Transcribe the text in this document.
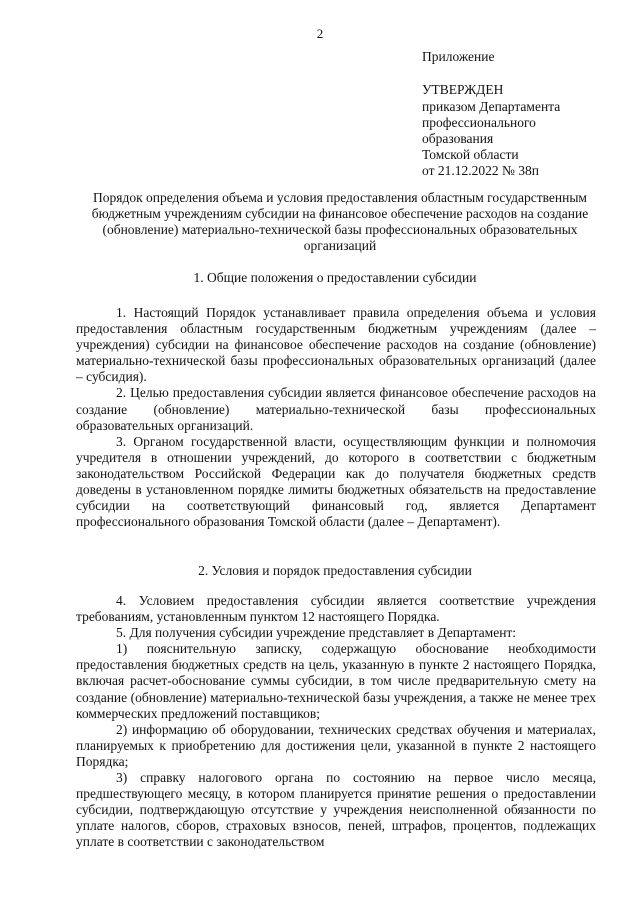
2
Приложение
УТВЕРЖДЕН
приказом Департамента
профессионального
образования
Томской области
от 21.12.2022 № 38п
Порядок определения объема и условия предоставления областным государственным бюджетным учреждениям субсидии на финансовое обеспечение расходов на создание (обновление) материально-технической базы профессиональных образовательных организаций
1. Общие положения о предоставлении субсидии

1. Настоящий Порядок устанавливает правила определения объема и условия предоставления областным государственным бюджетным учреждениям (далее – учреждения) субсидии на финансовое обеспечение расходов на создание (обновление) материально-технической базы профессиональных образовательных организаций (далее – субсидия).

2. Целью предоставления субсидии является финансовое обеспечение расходов на создание (обновление) материально-технической базы профессиональных образовательных организаций.

3. Органом государственной власти, осуществляющим функции и полномочия учредителя в отношении учреждений, до которого в соответствии с бюджетным законодательством Российской Федерации как до получателя бюджетных средств доведены в установленном порядке лимиты бюджетных обязательств на предоставление субсидии на соответствующий финансовый год, является Департамент профессионального образования Томской области (далее – Департамент).

2. Условия и порядок предоставления субсидии

4. Условием предоставления субсидии является соответствие учреждения требованиям, установленным пунктом 12 настоящего Порядка.

5. Для получения субсидии учреждение представляет в Департамент:

1) пояснительную записку, содержащую обоснование необходимости предоставления бюджетных средств на цель, указанную в пункте 2 настоящего Порядка, включая расчет-обоснование суммы субсидии, в том числе предварительную смету на создание (обновление) материально-технической базы учреждения, а также не менее трех коммерческих предложений поставщиков;

2) информацию об оборудовании, технических средствах обучения и материалах, планируемых к приобретению для достижения цели, указанной в пункте 2 настоящего Порядка;

3) справку налогового органа по состоянию на первое число месяца, предшествующего месяцу, в котором планируется принятие решения о предоставлении субсидии, подтверждающую отсутствие у учреждения неисполненной обязанности по уплате налогов, сборов, страховых взносов, пеней, штрафов, процентов, подлежащих уплате в соответствии с законодательством
